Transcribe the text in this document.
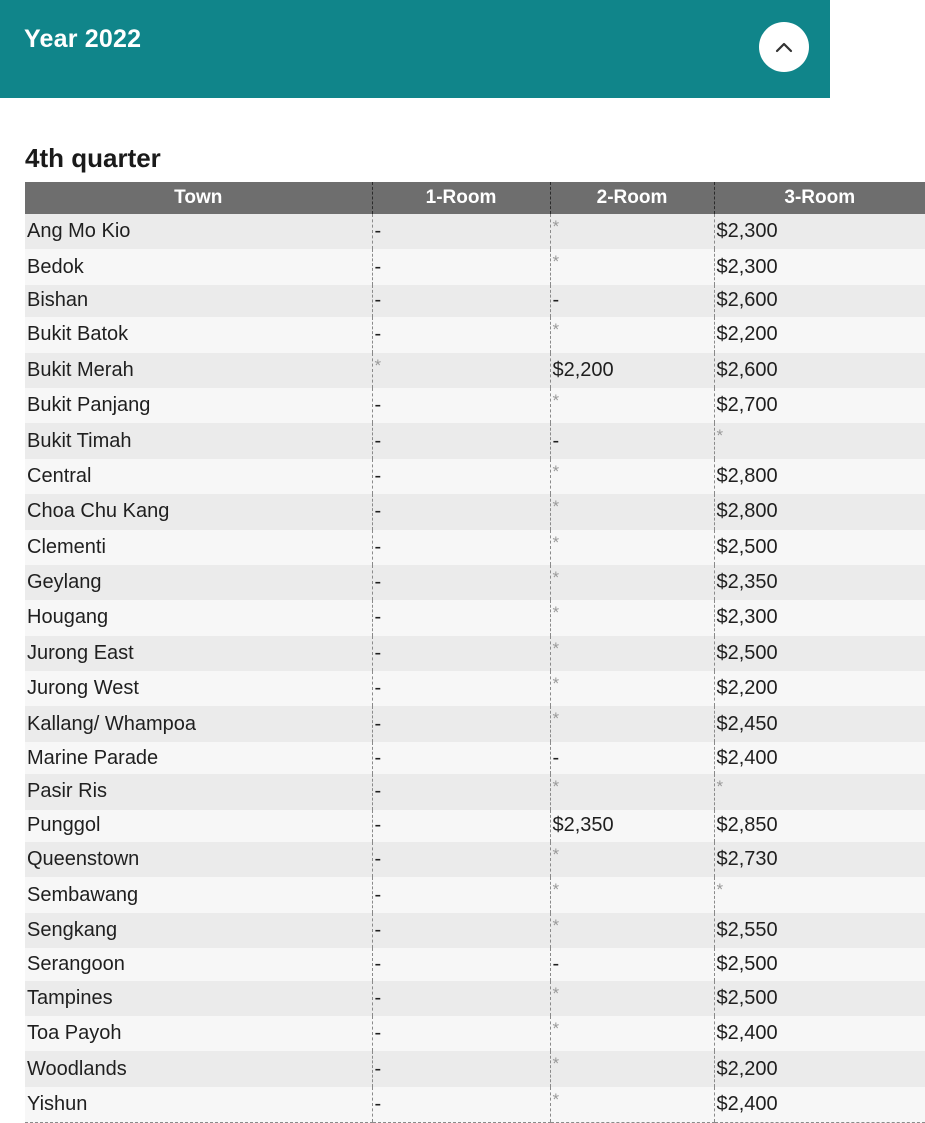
Year 2022
4th quarter
Town	1-Room	2-Room	3-Room
Ang Mo Kio	-	*	$2,300
Bedok	-	*	$2,300
Bishan	-	-	$2,600
Bukit Batok	-	*	$2,200
Bukit Merah	*	$2,200	$2,600
Bukit Panjang	-	*	$2,700
Bukit Timah	-	-	*
Central	-	*	$2,800
Choa Chu Kang	-	*	$2,800
Clementi	-	*	$2,500
Geylang	-	*	$2,350
Hougang	-	*	$2,300
Jurong East	-	*	$2,500
Jurong West	-	*	$2,200
Kallang/ Whampoa	-	*	$2,450
Marine Parade	-	-	$2,400
Pasir Ris	-	*	*
Punggol	-	$2,350	$2,850
Queenstown	-	*	$2,730
Sembawang	-	*	*
Sengkang	-	*	$2,550
Serangoon	-	-	$2,500
Tampines	-	*	$2,500
Toa Payoh	-	*	$2,400
Woodlands	-	*	$2,200
Yishun	-	*	$2,400
